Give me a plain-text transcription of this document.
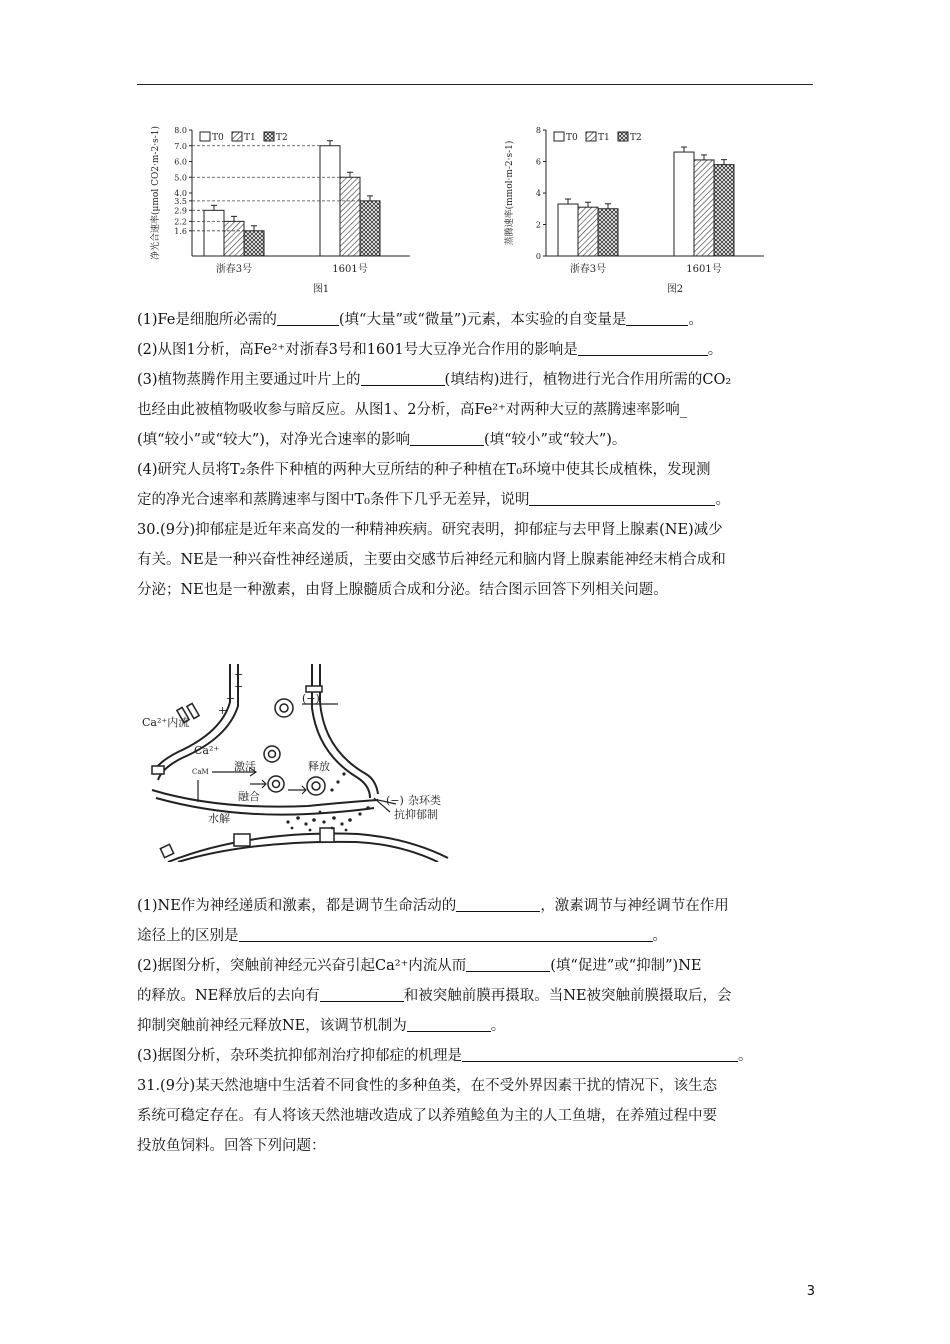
1.6
2.2
2.9
3.5
4.0
5.0
6.0
7.0
8.0
净光合速率(μmol CO2·m-2·s-1)
浙春3号	1601号
T0 T1 T2
图1
0
2
4
6
8
蒸腾速率(mmol·m-2·s-1)
浙春3号	1601号
T0 T1 T2
图2

(1)Fe是细胞所必需的	(填“大量”或“微量”)元素，本实验的自变量是	。

(2)从图1分析，高Fe²⁺对浙春3号和1601号大豆净光合作用的影响是	。

(3)植物蒸腾作用主要通过叶片上的	(填结构)进行，植物进行光合作用所需的CO₂

也经由此被植物吸收参与暗反应。从图1、2分析，高Fe²⁺对两种大豆的蒸腾速率影响_

(填“较小”或“较大”)，对净光合速率的影响	(填“较小”或“较大”)。

(4)研究人员将T₂条件下种植的两种大豆所结的种子种植在T₀环境中使其长成植株，发现测

定的净光合速率和蒸腾速率与图中T₀条件下几乎无差异，说明	。

30.(9分)抑郁症是近年来高发的一种精神疾病。研究表明，抑郁症与去甲肾上腺素(NE)减少

有关。NE是一种兴奋性神经递质，主要由交感节后神经元和脑内肾上腺素能神经末梢合成和

分泌；NE也是一种激素，由肾上腺髓质合成和分泌。结合图示回答下列相关问题。

+
+
+
+
Ca²⁺内流
Ca²⁺
CaM 激活
融合
释放
水解
(−)
(−) 杂环类
抗抑郁制

(1)NE作为神经递质和激素，都是调节生命活动的	，激素调节与神经调节在作用

途径上的区别是	。

(2)据图分析，突触前神经元兴奋引起Ca²⁺内流从而	(填“促进”或“抑制”)NE

的释放。NE释放后的去向有	和被突触前膜再摄取。当NE被突触前膜摄取后，会

抑制突触前神经元释放NE，该调节机制为	。

(3)据图分析，杂环类抗抑郁剂治疗抑郁症的机理是	。

31.(9分)某天然池塘中生活着不同食性的多种鱼类，在不受外界因素干扰的情况下，该生态

系统可稳定存在。有人将该天然池塘改造成了以养殖鲶鱼为主的人工鱼塘，在养殖过程中要

投放鱼饲料。回答下列问题：

3
